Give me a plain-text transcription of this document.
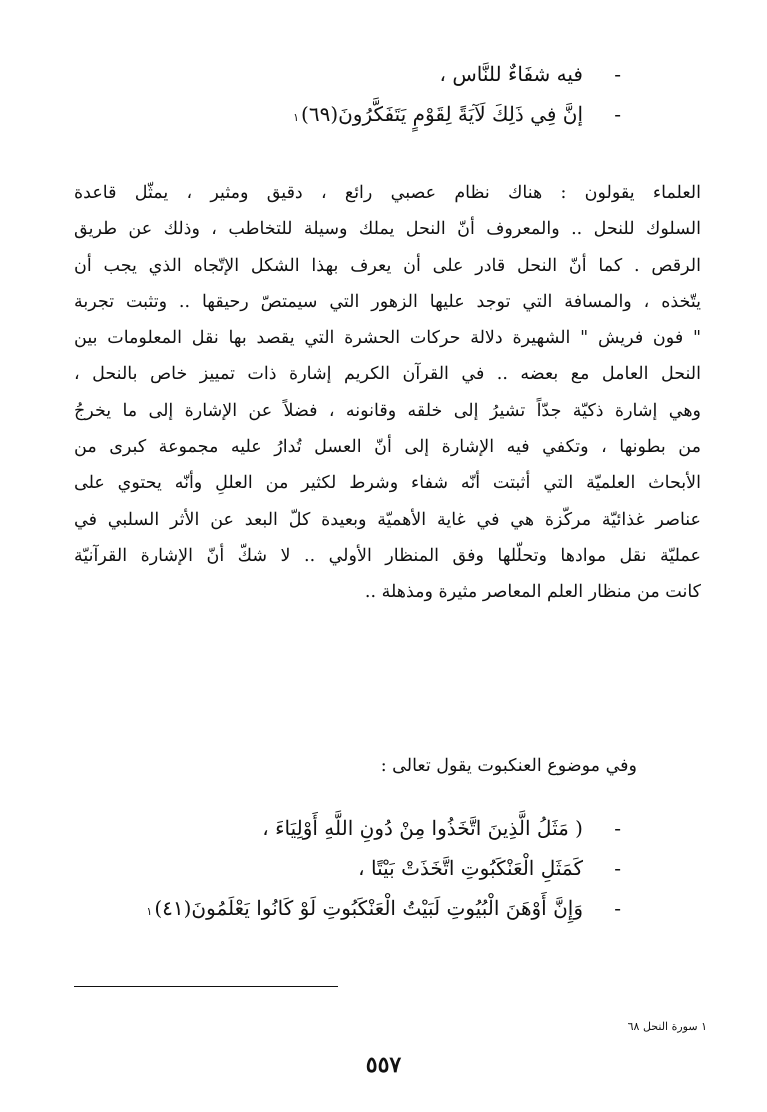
-
فيه شفَاءٌ للنَّاس ،
-
إنَّ فِي ذَلِكَ لَآيَةً لِقَوْمٍ يَتَفَكَّرُونَ(٦٩)
١
العلماء يقولون : هناك نظام عصبي رائع ، دقيق ومثير ، يمثّل قاعدة
السلوك للنحل .. والمعروف أنّ النحل يملك وسيلة للتخاطب ، وذلك عن طريق
الرقص . كما أنّ النحل قادر على أن يعرف بهذا الشكل الإتّجاه الذي يجب أن
يتّخذه ، والمسافة التي توجد عليها الزهور التي سيمتصّ رحيقها .. وتثبت تجربة
" فون فريش " الشهيرة دلالة حركات الحشرة التي يقصد بها نقل المعلومات بين
النحل العامل مع بعضه .. في القرآن الكريم إشارة ذات تمييز خاص بالنحل ،
وهي إشارة ذكيّة جدّاً تشيرُ إلى خلقه وقانونه ، فضلاً عن الإشارة إلى ما يخرجُ
من بطونها ، وتكفي فيه الإشارة إلى أنّ العسل تُدارُ عليه مجموعة كبرى من
الأبحاث العلميّة التي أثبتت أنّه شفاء وشرط لكثير من العللِ وأنّه يحتوي على
عناصر غذائيّة مركّزة هي في غاية الأهميّة وبعيدة كلّ البعد عن الأثر السلبي في
عمليّة نقل موادها وتحلّلها وفق المنظار الأولي .. لا شكّ أنّ الإشارة القرآنيّة
كانت من منظار العلم المعاصر مثيرة ومذهلة ..
وفي موضوع العنكبوت يقول تعالى :
-
( مَثَلُ الَّذِينَ اتَّخَذُوا مِنْ دُونِ اللَّهِ أَوْلِيَاءَ ،
-
كَمَثَلِ الْعَنْكَبُوتِ اتَّخَذَتْ بَيْتًا ،
-
وَإِنَّ أَوْهَنَ الْبُيُوتِ لَبَيْتُ الْعَنْكَبُوتِ لَوْ كَانُوا يَعْلَمُونَ(٤١)
١
١ سورة النحل ٦٨
٥٥٧
